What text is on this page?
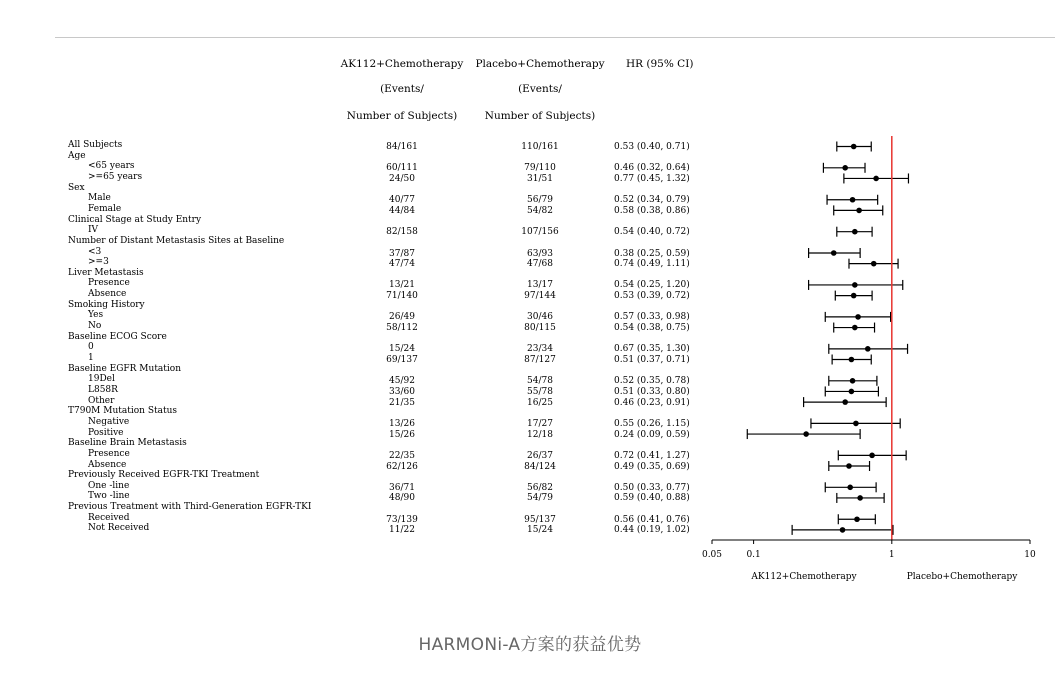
AK112+Chemotherapy
(Events/
Number of Subjects)
Placebo+Chemotherapy
(Events/
Number of Subjects)
HR (95% CI)
All Subjects	84/161	110/161	0.53 (0.40, 0.71)
Age
<65 years	60/111	79/110	0.46 (0.32, 0.64)
>=65 years	24/50	31/51	0.77 (0.45, 1.32)
Sex
Male	40/77	56/79	0.52 (0.34, 0.79)
Female	44/84	54/82	0.58 (0.38, 0.86)
Clinical Stage at Study Entry
IV	82/158	107/156	0.54 (0.40, 0.72)
Number of Distant Metastasis Sites at Baseline
<3	37/87	63/93	0.38 (0.25, 0.59)
>=3	47/74	47/68	0.74 (0.49, 1.11)
Liver Metastasis
Presence	13/21	13/17	0.54 (0.25, 1.20)
Absence	71/140	97/144	0.53 (0.39, 0.72)
Smoking History
Yes	26/49	30/46	0.57 (0.33, 0.98)
No	58/112	80/115	0.54 (0.38, 0.75)
Baseline ECOG Score
0	15/24	23/34	0.67 (0.35, 1.30)
1	69/137	87/127	0.51 (0.37, 0.71)
Baseline EGFR Mutation
19Del	45/92	54/78	0.52 (0.35, 0.78)
L858R	33/60	55/78	0.51 (0.33, 0.80)
Other	21/35	16/25	0.46 (0.23, 0.91)
T790M Mutation Status
Negative	13/26	17/27	0.55 (0.26, 1.15)
Positive	15/26	12/18	0.24 (0.09, 0.59)
Baseline Brain Metastasis
Presence	22/35	26/37	0.72 (0.41, 1.27)
Absence	62/126	84/124	0.49 (0.35, 0.69)
Previously Received EGFR-TKI Treatment
One -line	36/71	56/82	0.50 (0.33, 0.77)
Two -line	48/90	54/79	0.59 (0.40, 0.88)
Previous Treatment with Third-Generation EGFR-TKI
Received	73/139	95/137	0.56 (0.41, 0.76)
Not Received	11/22	15/24	0.44 (0.19, 1.02)
0.05	0.1	1	10
AK112+Chemotherapy	Placebo+Chemotherapy
HARMONi-A方案的获益优势
